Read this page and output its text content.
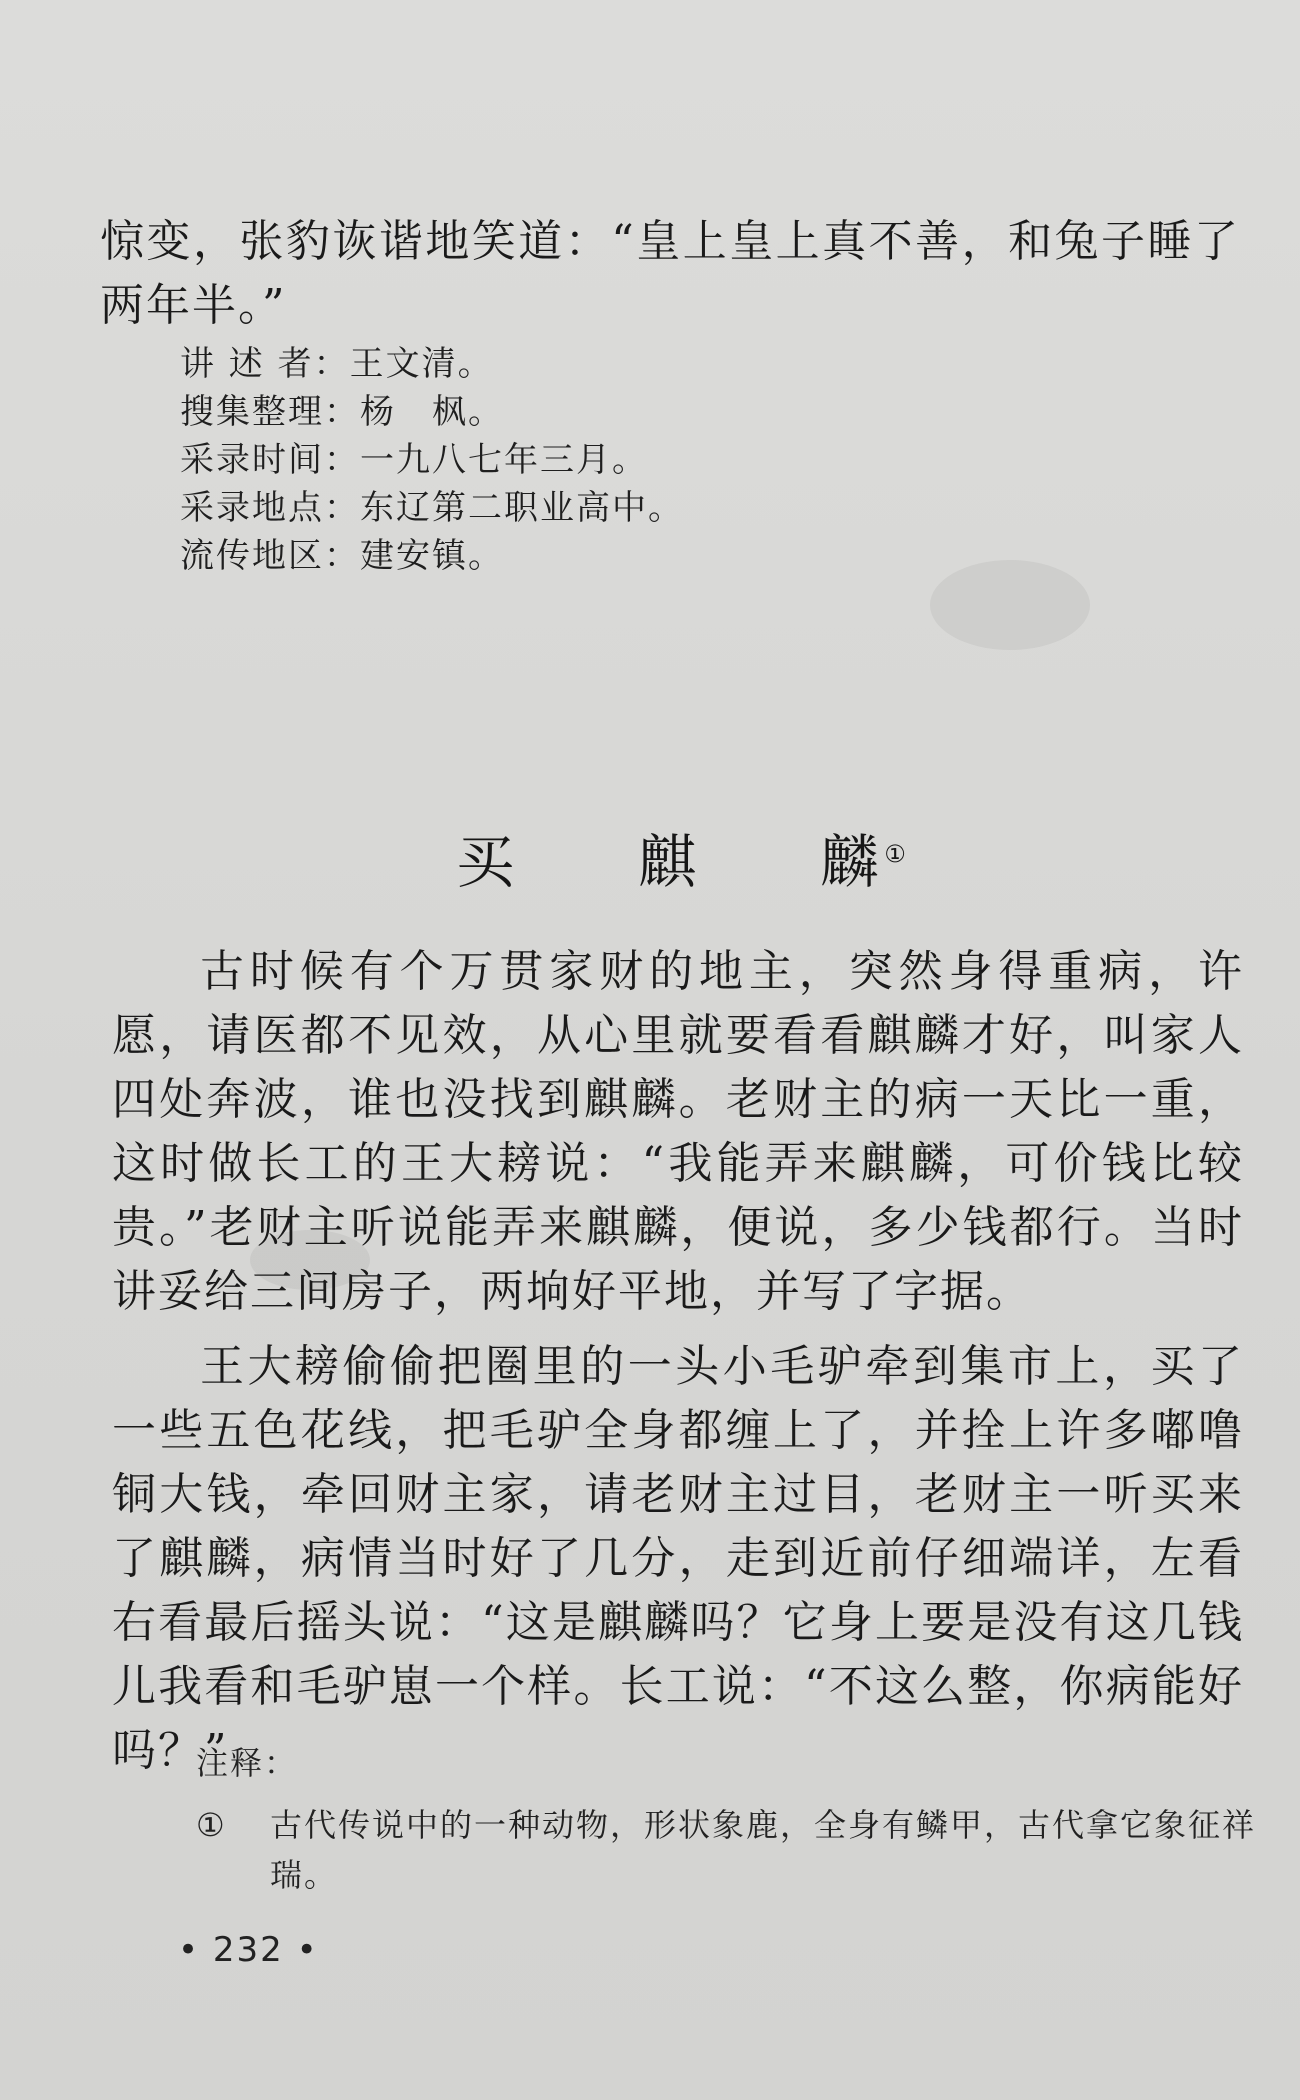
惊变，张豹诙谐地笑道：“皇上皇上真不善，和兔子睡了两年半。”

讲 述 者：王文清。
搜集整理：杨　枫。
采录时间：一九八七年三月。
采录地点：东辽第二职业高中。
流传地区：建安镇。
买 麒 麟 ①

古时候有个万贯家财的地主，突然身得重病，许愿，请医都不见效，从心里就要看看麒麟才好，叫家人四处奔波，谁也没找到麒麟。老财主的病一天比一重，这时做长工的王大耪说：“我能弄来麒麟，可价钱比较贵。”老财主听说能弄来麒麟，便说，多少钱都行。当时讲妥给三间房子，两垧好平地，并写了字据。

王大耪偷偷把圈里的一头小毛驴牵到集市上，买了一些五色花线，把毛驴全身都缠上了，并拴上许多嘟噜铜大钱，牵回财主家，请老财主过目，老财主一听买来了麒麟，病情当时好了几分，走到近前仔细端详，左看右看最后摇头说：“这是麒麟吗？它身上要是没有这几钱儿我看和毛驴崽一个样。长工说：“不这么整，你病能好吗？”

注释：
① 古代传说中的一种动物，形状象鹿，全身有鳞甲，古代拿它象征祥瑞。
• 232 •
